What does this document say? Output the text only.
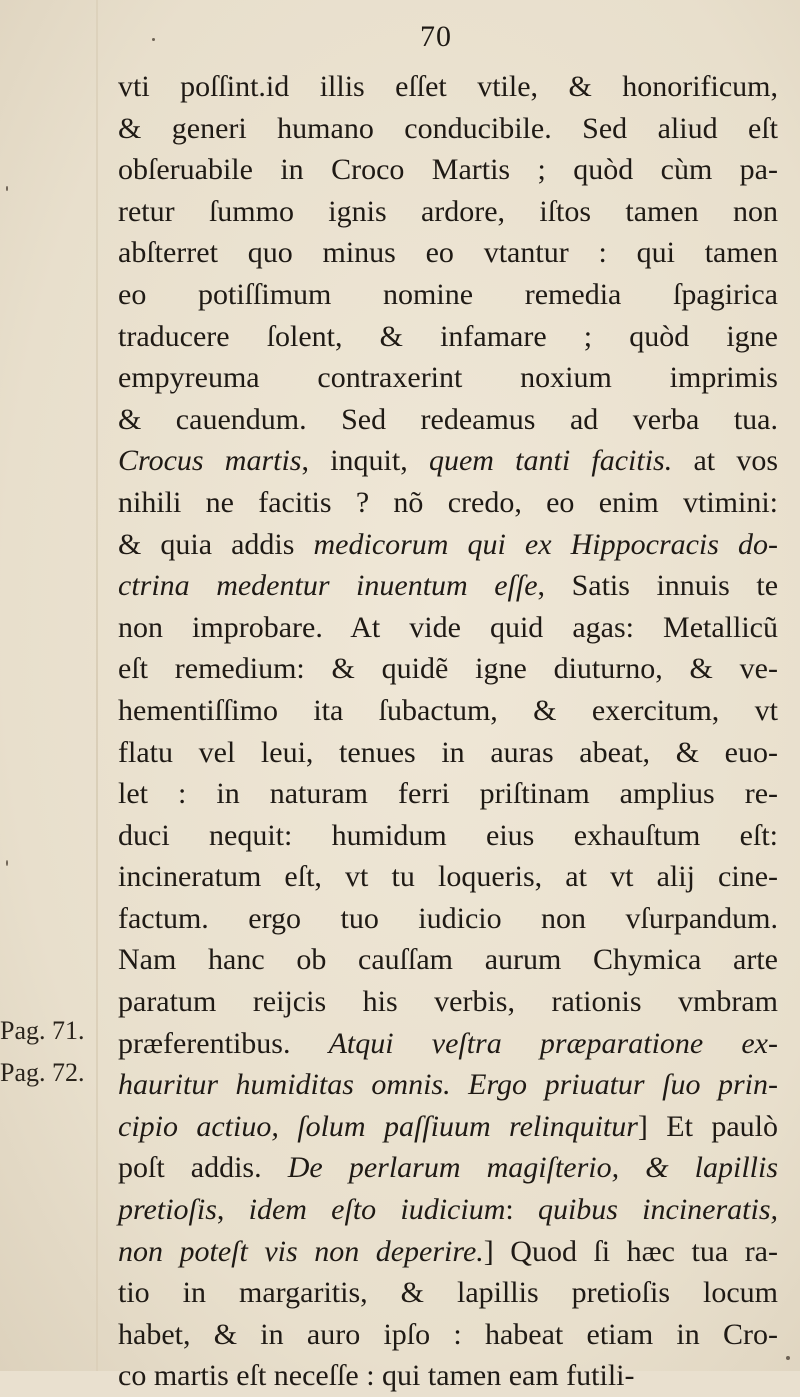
70
vti poſſint.id illis eſſet vtile, & honorificum,
& generi humano conducibile. Sed aliud eſt
obſeruabile in Croco Martis ; quòd cùm pa-
retur ſummo ignis ardore, iſtos tamen non
abſterret quo minus eo vtantur : qui tamen
eo potiſſimum nomine remedia ſpagirica
traducere ſolent, & infamare ; quòd igne
empyreuma contraxerint noxium imprimis
& cauendum. Sed redeamus ad verba tua.
Crocus martis, inquit, quem tanti facitis. at vos
nihili ne facitis ? nõ credo, eo enim vtimini:
& quia addis medicorum qui ex Hippocracis do-
ctrina medentur inuentum eſſe, Satis innuis te
non improbare. At vide quid agas: Metallicũ
eſt remedium: & quidẽ igne diuturno, & ve-
hementiſſimo ita ſubactum, & exercitum, vt
flatu vel leui, tenues in auras abeat, & euo-
let : in naturam ferri priſtinam amplius re-
duci nequit: humidum eius exhauſtum eſt:
incineratum eſt, vt tu loqueris, at vt alij cine-
factum. ergo tuo iudicio non vſurpandum.
Nam hanc ob cauſſam aurum Chymica arte
paratum reijcis his verbis, rationis vmbram
præferentibus. Atqui veſtra præparatione ex-
hauritur humiditas omnis. Ergo priuatur ſuo prin-
cipio actiuo, ſolum paſſiuum relinquitur] Et paulò
poſt addis. De perlarum magiſterio, & lapillis
pretioſis, idem eſto iudicium: quibus incineratis,
non poteſt vis non deperire.] Quod ſi hæc tua ra-
tio in margaritis, & lapillis pretioſis locum
habet, & in auro ipſo : habeat etiam in Cro-
co martis eſt neceſſe : qui tamen eam futili-
Pag. 71.
Pag. 72.
